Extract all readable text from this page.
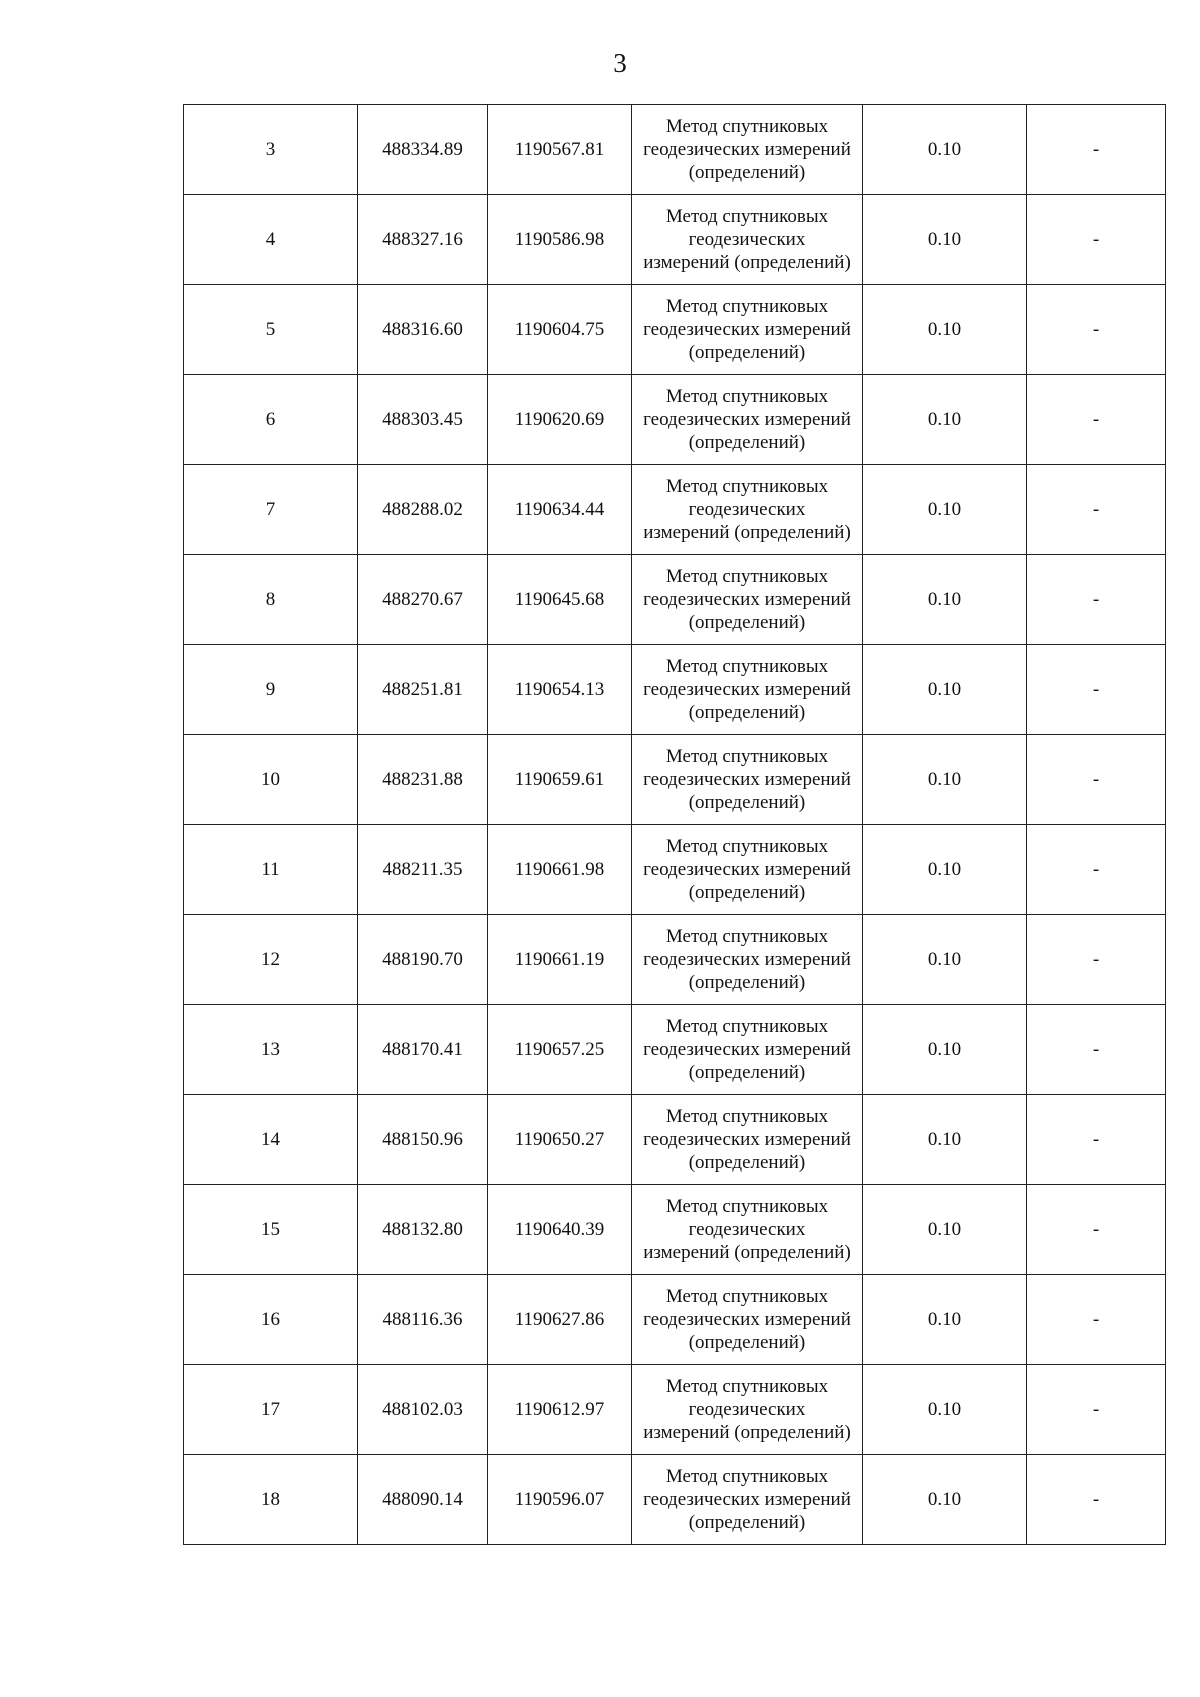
3
3	488334.89	1190567.81	Метод спутниковых
геодезических измерений
(определений)	0.10	-
4	488327.16	1190586.98	Метод спутниковых
геодезических
измерений (определений)	0.10	-
5	488316.60	1190604.75	Метод спутниковых
геодезических измерений
(определений)	0.10	-
6	488303.45	1190620.69	Метод спутниковых
геодезических измерений
(определений)	0.10	-
7	488288.02	1190634.44	Метод спутниковых
геодезических
измерений (определений)	0.10	-
8	488270.67	1190645.68	Метод спутниковых
геодезических измерений
(определений)	0.10	-
9	488251.81	1190654.13	Метод спутниковых
геодезических измерений
(определений)	0.10	-
10	488231.88	1190659.61	Метод спутниковых
геодезических измерений
(определений)	0.10	-
11	488211.35	1190661.98	Метод спутниковых
геодезических измерений
(определений)	0.10	-
12	488190.70	1190661.19	Метод спутниковых
геодезических измерений
(определений)	0.10	-
13	488170.41	1190657.25	Метод спутниковых
геодезических измерений
(определений)	0.10	-
14	488150.96	1190650.27	Метод спутниковых
геодезических измерений
(определений)	0.10	-
15	488132.80	1190640.39	Метод спутниковых
геодезических
измерений (определений)	0.10	-
16	488116.36	1190627.86	Метод спутниковых
геодезических измерений
(определений)	0.10	-
17	488102.03	1190612.97	Метод спутниковых
геодезических
измерений (определений)	0.10	-
18	488090.14	1190596.07	Метод спутниковых
геодезических измерений
(определений)	0.10	-
